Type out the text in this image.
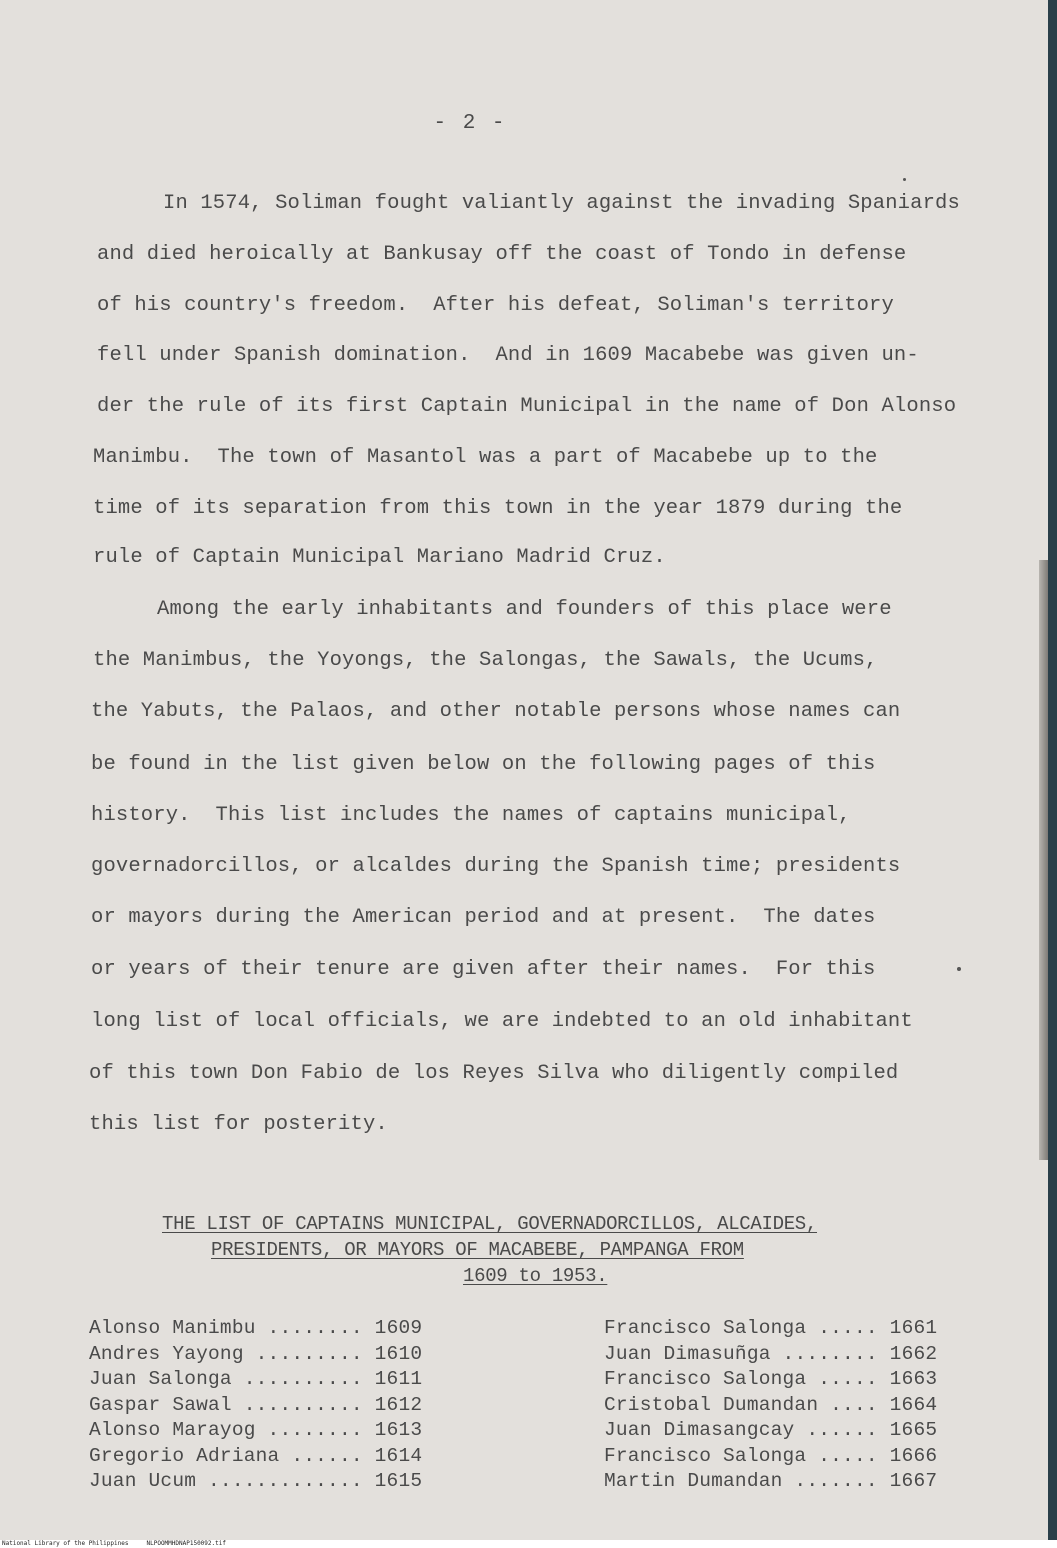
- 2 -
In 1574, Soliman fought valiantly against the invading Spaniards
and died heroically at Bankusay off the coast of Tondo in defense
of his country's freedom.  After his defeat, Soliman's territory
fell under Spanish domination.  And in 1609 Macabebe was given un-
der the rule of its first Captain Municipal in the name of Don Alonso
Manimbu.  The town of Masantol was a part of Macabebe up to the
time of its separation from this town in the year 1879 during the
rule of Captain Municipal Mariano Madrid Cruz.
Among the early inhabitants and founders of this place were
the Manimbus, the Yoyongs, the Salongas, the Sawals, the Ucums,
the Yabuts, the Palaos, and other notable persons whose names can
be found in the list given below on the following pages of this
history.  This list includes the names of captains municipal,
governadorcillos, or alcaldes during the Spanish time; presidents
or mayors during the American period and at present.  The dates
or years of their tenure are given after their names.  For this
long list of local officials, we are indebted to an old inhabitant
of this town Don Fabio de los Reyes Silva who diligently compiled
this list for posterity.
THE LIST OF CAPTAINS MUNICIPAL, GOVERNADORCILLOS, ALCAIDES,
PRESIDENTS, OR MAYORS OF MACABEBE, PAMPANGA FROM
1609 to 1953.
Alonso Manimbu ........ 1609
Andres Yayong ......... 1610
Juan Salonga .......... 1611
Gaspar Sawal .......... 1612
Alonso Marayog ........ 1613
Gregorio Adriana ...... 1614
Juan Ucum ............. 1615
Francisco Salonga ..... 1661
Juan Dimasuñga ........ 1662
Francisco Salonga ..... 1663
Cristobal Dumandan .... 1664
Juan Dimasangcay ...... 1665
Francisco Salonga ..... 1666
Martin Dumandan ....... 1667
National Library of the Philippines     NLPOOMMHDNAP150092.tif
